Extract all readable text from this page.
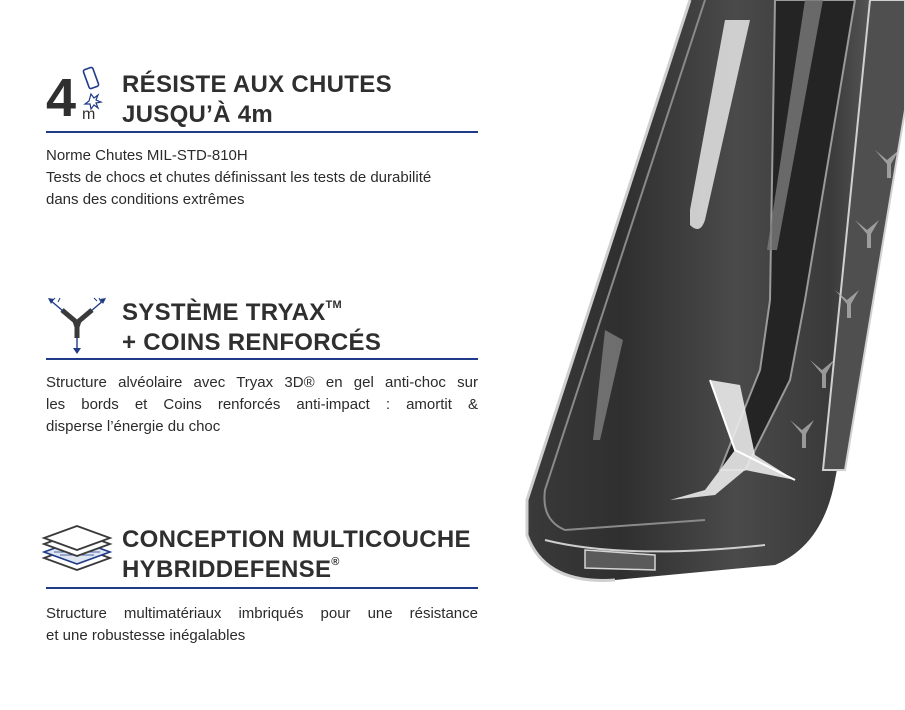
4 m
RÉSISTE AUX CHUTES
JUSQU’À 4m
Norme Chutes MIL-STD-810H
Tests de chocs et chutes définissant les tests de durabilité
dans des conditions extrêmes
SYSTÈME TRYAX™
+ COINS RENFORCÉS
Structure alvéolaire avec Tryax 3D® en gel anti-choc sur
les bords et Coins renforcés anti-impact : amortit &
disperse l’énergie du choc
CONCEPTION MULTICOUCHE
HYBRIDDEFENSE®
Structure multimatériaux imbriqués pour une résistance
et une robustesse inégalables
